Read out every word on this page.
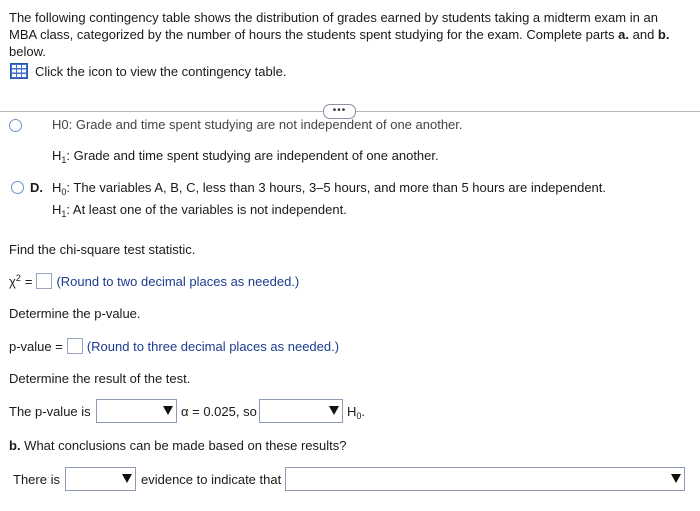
The following contingency table shows the distribution of grades earned by students taking a midterm exam in an
MBA class, categorized by the number of hours the students spent studying for the exam. Complete parts a. and b.
below.
Click the icon to view the contingency table.
•••
H0: Grade and time spent studying are not independent of one another.
$H_1$: Grade and time spent studying are independent of one another.
D. $H_0$: The variables A, B, C, less than 3 hours, 3–5 hours, and more than 5 hours are independent.
$H_1$: At least one of the variables is not independent.
Find the chi-square test statistic.
$\chi^2$ = (Round to two decimal places as needed.)
Determine the p-value.
p-value = (Round to three decimal places as needed.)
Determine the result of the test.
The p-value is	α = 0.025, so	$H_0$.
b. What conclusions can be made based on these results?
There is	evidence to indicate that
